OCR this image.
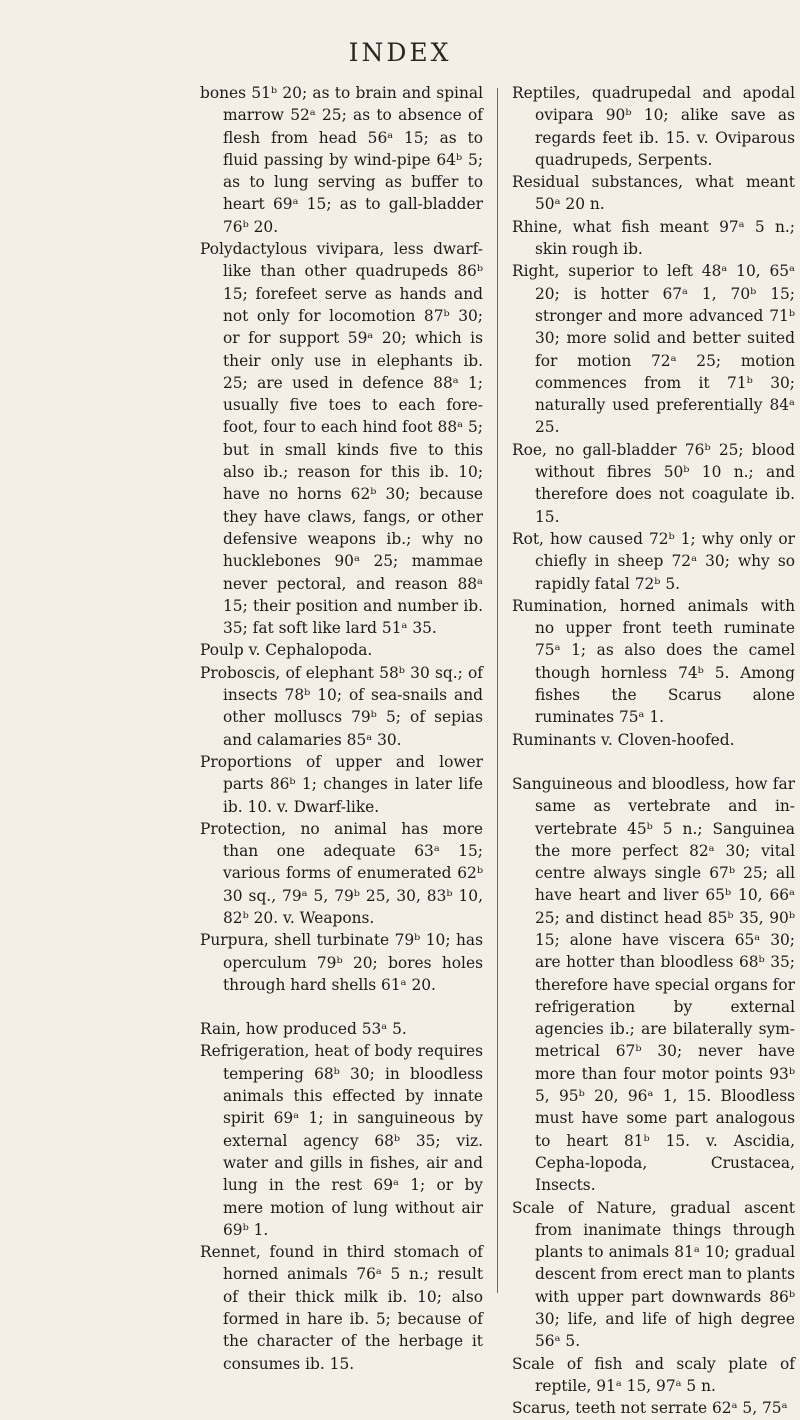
INDEX

bones 51ᵇ 20; as to brain and spinal marrow 52ᵃ 25; as to absence of flesh from head 56ᵃ 15; as to fluid passing by wind-pipe 64ᵇ 5; as to lung serving as buffer to heart 69ᵃ 15; as to gall-bladder 76ᵇ 20.

Polydactylous vivipara, less dwarf-like than other quadrupeds 86ᵇ 15; forefeet serve as hands and not only for locomotion 87ᵇ 30; or for support 59ᵃ 20; which is their only use in elephants ib. 25; are used in defence 88ᵃ 1; usually five toes to each fore-foot, four to each hind foot 88ᵃ 5; but in small kinds five to this also ib.; reason for this ib. 10; have no horns 62ᵇ 30; because they have claws, fangs, or other defensive weapons ib.; why no hucklebones 90ᵃ 25; mammae never pectoral, and reason 88ᵃ 15; their position and number ib. 35; fat soft like lard 51ᵃ 35.

Poulp v. Cephalopoda.

Proboscis, of elephant 58ᵇ 30 sq.; of insects 78ᵇ 10; of sea-snails and other molluscs 79ᵇ 5; of sepias and calamaries 85ᵃ 30.

Proportions of upper and lower parts 86ᵇ 1; changes in later life ib. 10. v. Dwarf-like.

Protection, no animal has more than one adequate 63ᵃ 15; various forms of enumerated 62ᵇ 30 sq., 79ᵃ 5, 79ᵇ 25, 30, 83ᵇ 10, 82ᵇ 20. v. Weapons.

Purpura, shell turbinate 79ᵇ 10; has operculum 79ᵇ 20; bores holes through hard shells 61ᵃ 20.

Rain, how produced 53ᵃ 5.

Refrigeration, heat of body requires tempering 68ᵇ 30; in bloodless animals this effected by innate spirit 69ᵃ 1; in sanguineous by external agency 68ᵇ 35; viz. water and gills in fishes, air and lung in the rest 69ᵃ 1; or by mere motion of lung without air 69ᵇ 1.

Rennet, found in third stomach of horned animals 76ᵃ 5 n.; result of their thick milk ib. 10; also formed in hare ib. 5; because of the character of the herbage it consumes ib. 15.

Reptiles, quadrupedal and apodal ovipara 90ᵇ 10; alike save as regards feet ib. 15. v. Oviparous quadrupeds, Serpents.

Residual substances, what meant 50ᵃ 20 n.

Rhine, what fish meant 97ᵃ 5 n.; skin rough ib.

Right, superior to left 48ᵃ 10, 65ᵃ 20; is hotter 67ᵃ 1, 70ᵇ 15; stronger and more advanced 71ᵇ 30; more solid and better suited for motion 72ᵃ 25; motion commences from it 71ᵇ 30; naturally used preferentially 84ᵃ 25.

Roe, no gall-bladder 76ᵇ 25; blood without fibres 50ᵇ 10 n.; and therefore does not coagulate ib. 15.

Rot, how caused 72ᵇ 1; why only or chiefly in sheep 72ᵃ 30; why so rapidly fatal 72ᵇ 5.

Rumination, horned animals with no upper front teeth ruminate 75ᵃ 1; as also does the camel though hornless 74ᵇ 5. Among fishes the Scarus alone ruminates 75ᵃ 1.

Ruminants v. Cloven-hoofed.

Sanguineous and bloodless, how far same as vertebrate and in-vertebrate 45ᵇ 5 n.; Sanguinea the more perfect 82ᵃ 30; vital centre always single 67ᵇ 25; all have heart and liver 65ᵇ 10, 66ᵃ 25; and distinct head 85ᵇ 35, 90ᵇ 15; alone have viscera 65ᵃ 30; are hotter than bloodless 68ᵇ 35; therefore have special organs for refrigeration by external agencies ib.; are bilaterally sym-metrical 67ᵇ 30; never have more than four motor points 93ᵇ 5, 95ᵇ 20, 96ᵃ 1, 15. Bloodless must have some part analogous to heart 81ᵇ 15. v. Ascidia, Cepha-lopoda, Crustacea, Insects.

Scale of Nature, gradual ascent from inanimate things through plants to animals 81ᵃ 10; gradual descent from erect man to plants with upper part downwards 86ᵇ 30; life, and life of high degree 56ᵃ 5.

Scale of fish and scaly plate of reptile, 91ᵃ 15, 97ᵃ 5 n.

Scarus, teeth not serrate 62ᵃ 5, 75ᵃ
